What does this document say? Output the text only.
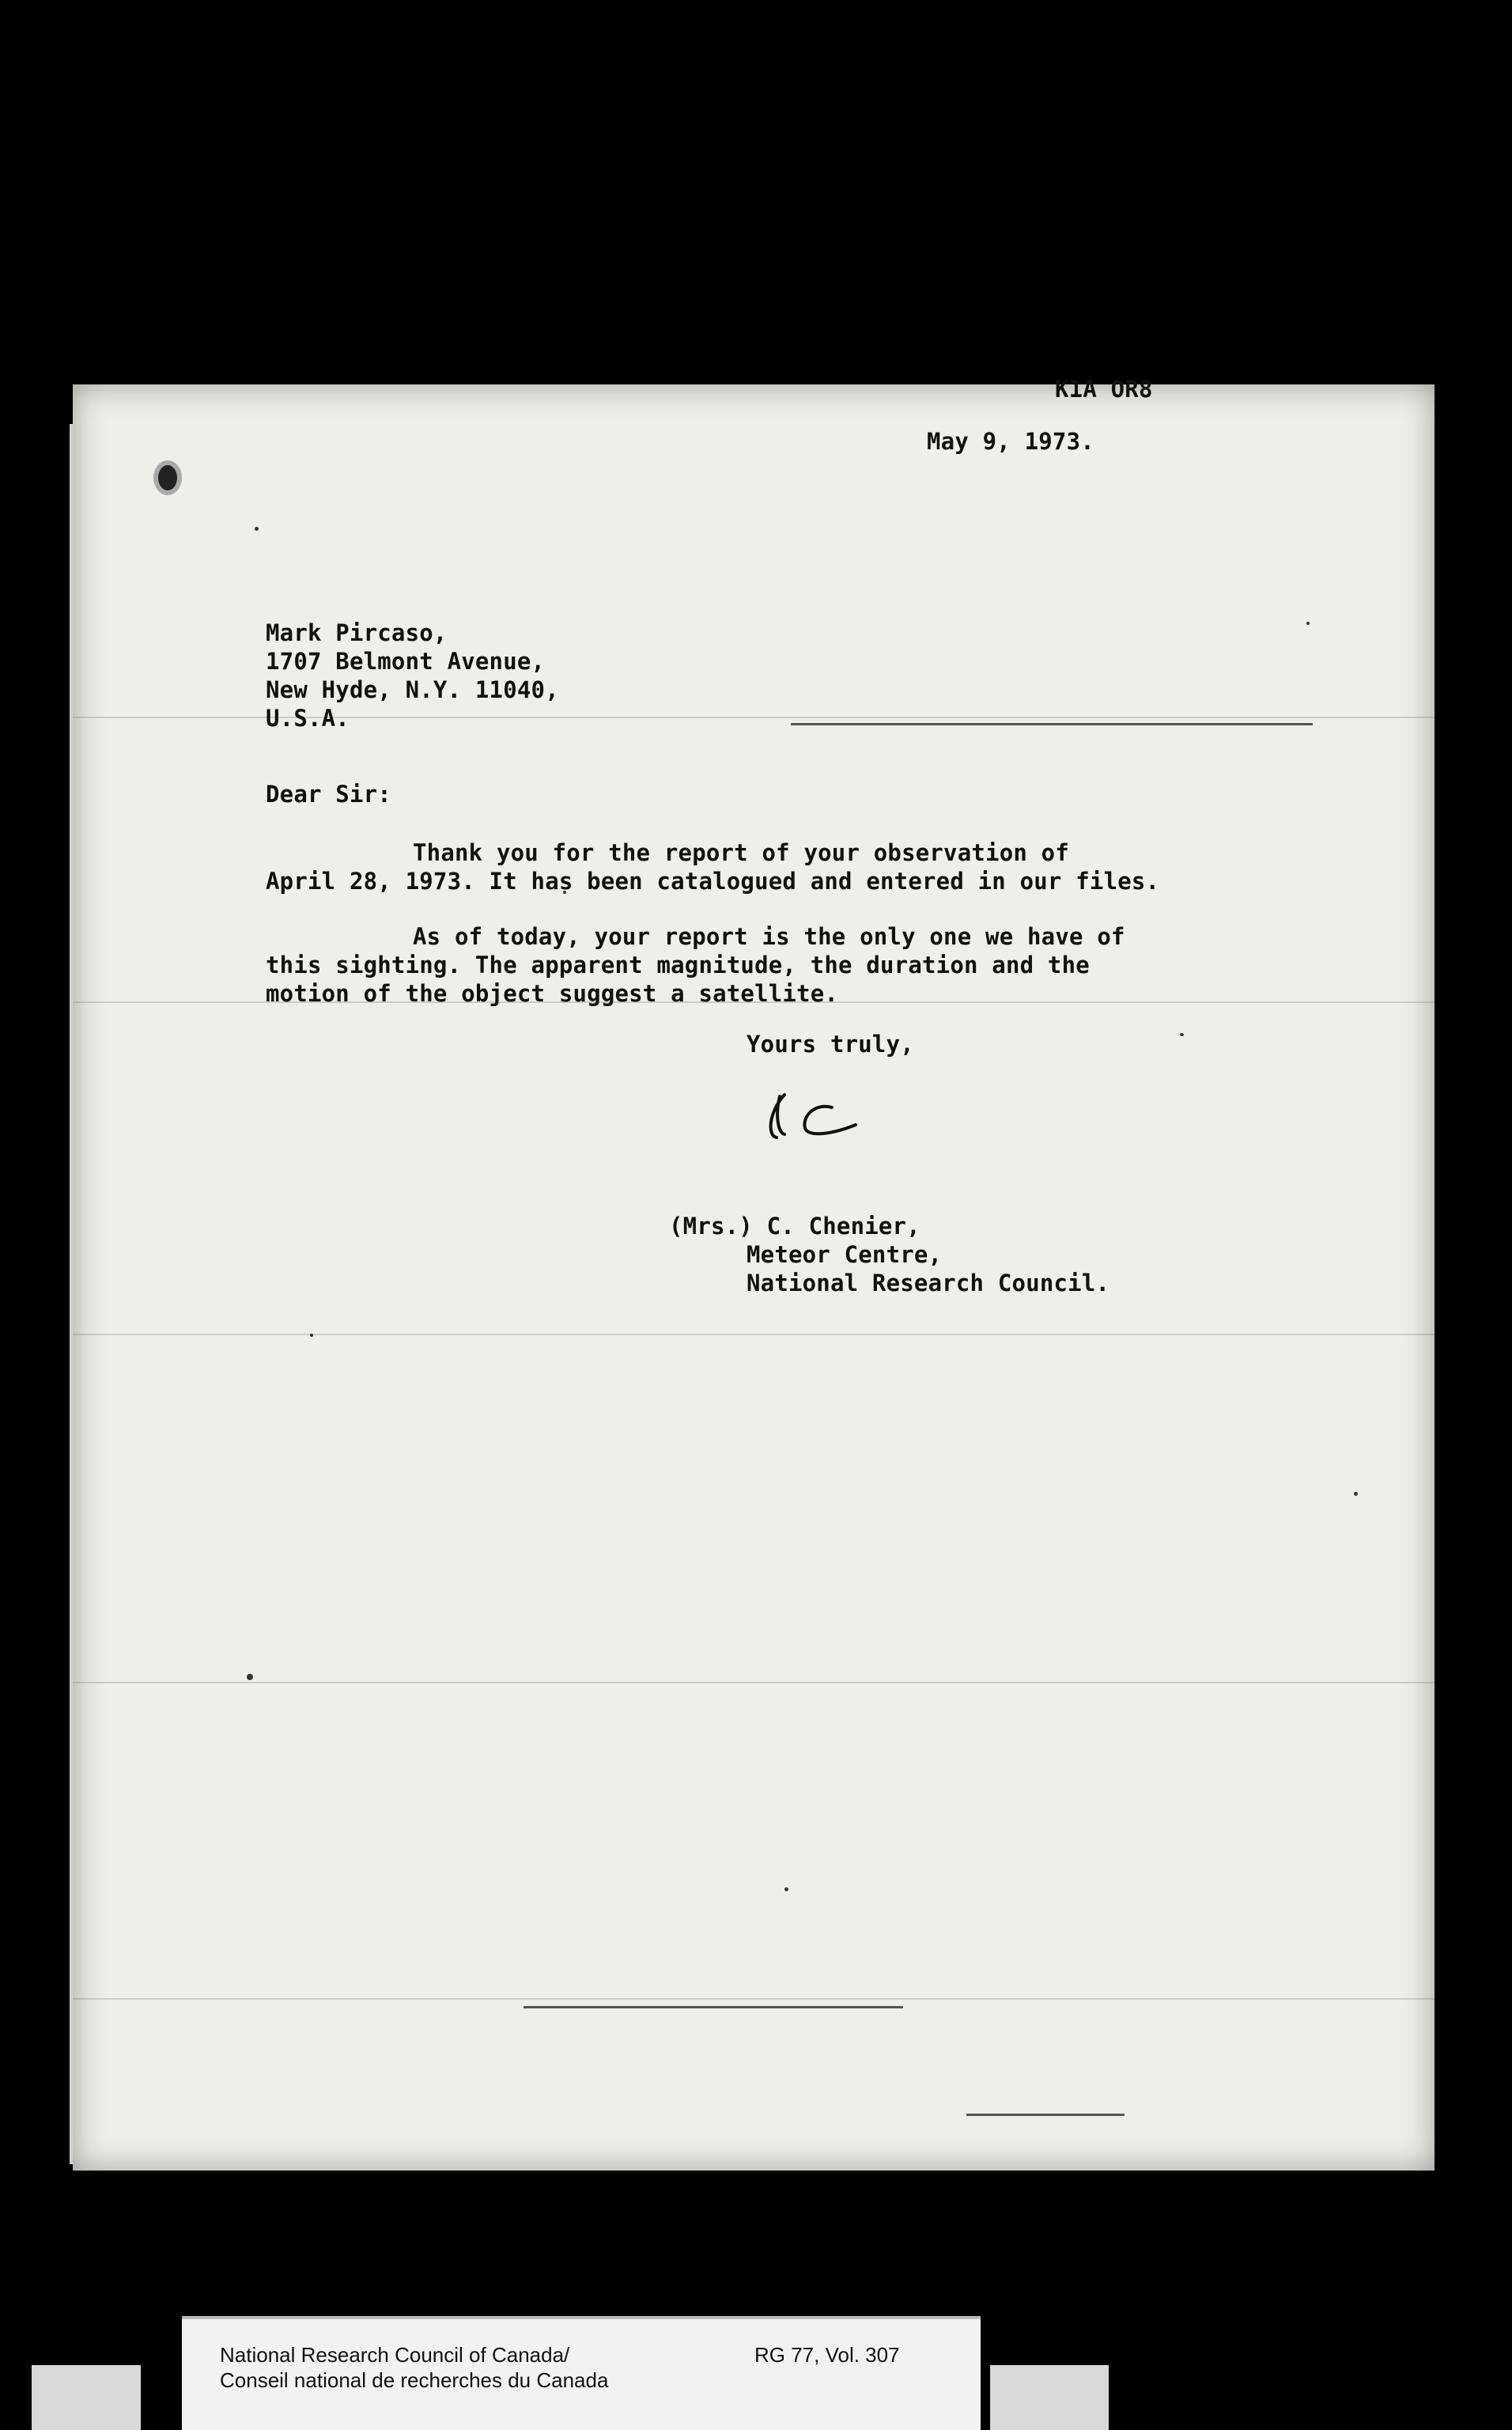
K1A OR8
May 9, 1973.
Mark Pircaso,
1707 Belmont Avenue,
New Hyde, N.Y. 11040,
U.S.A.
Dear Sir:
Thank you for the report of your observation of
April 28, 1973. It has been catalogued and entered in our files.
As of today, your report is the only one we have of
this sighting. The apparent magnitude, the duration and the
motion of the object suggest a satellite.
Yours truly,
(Mrs.) C. Chenier,
Meteor Centre,
National Research Council.
National Research Council of Canada/
Conseil national de recherches du Canada
RG 77, Vol. 307
